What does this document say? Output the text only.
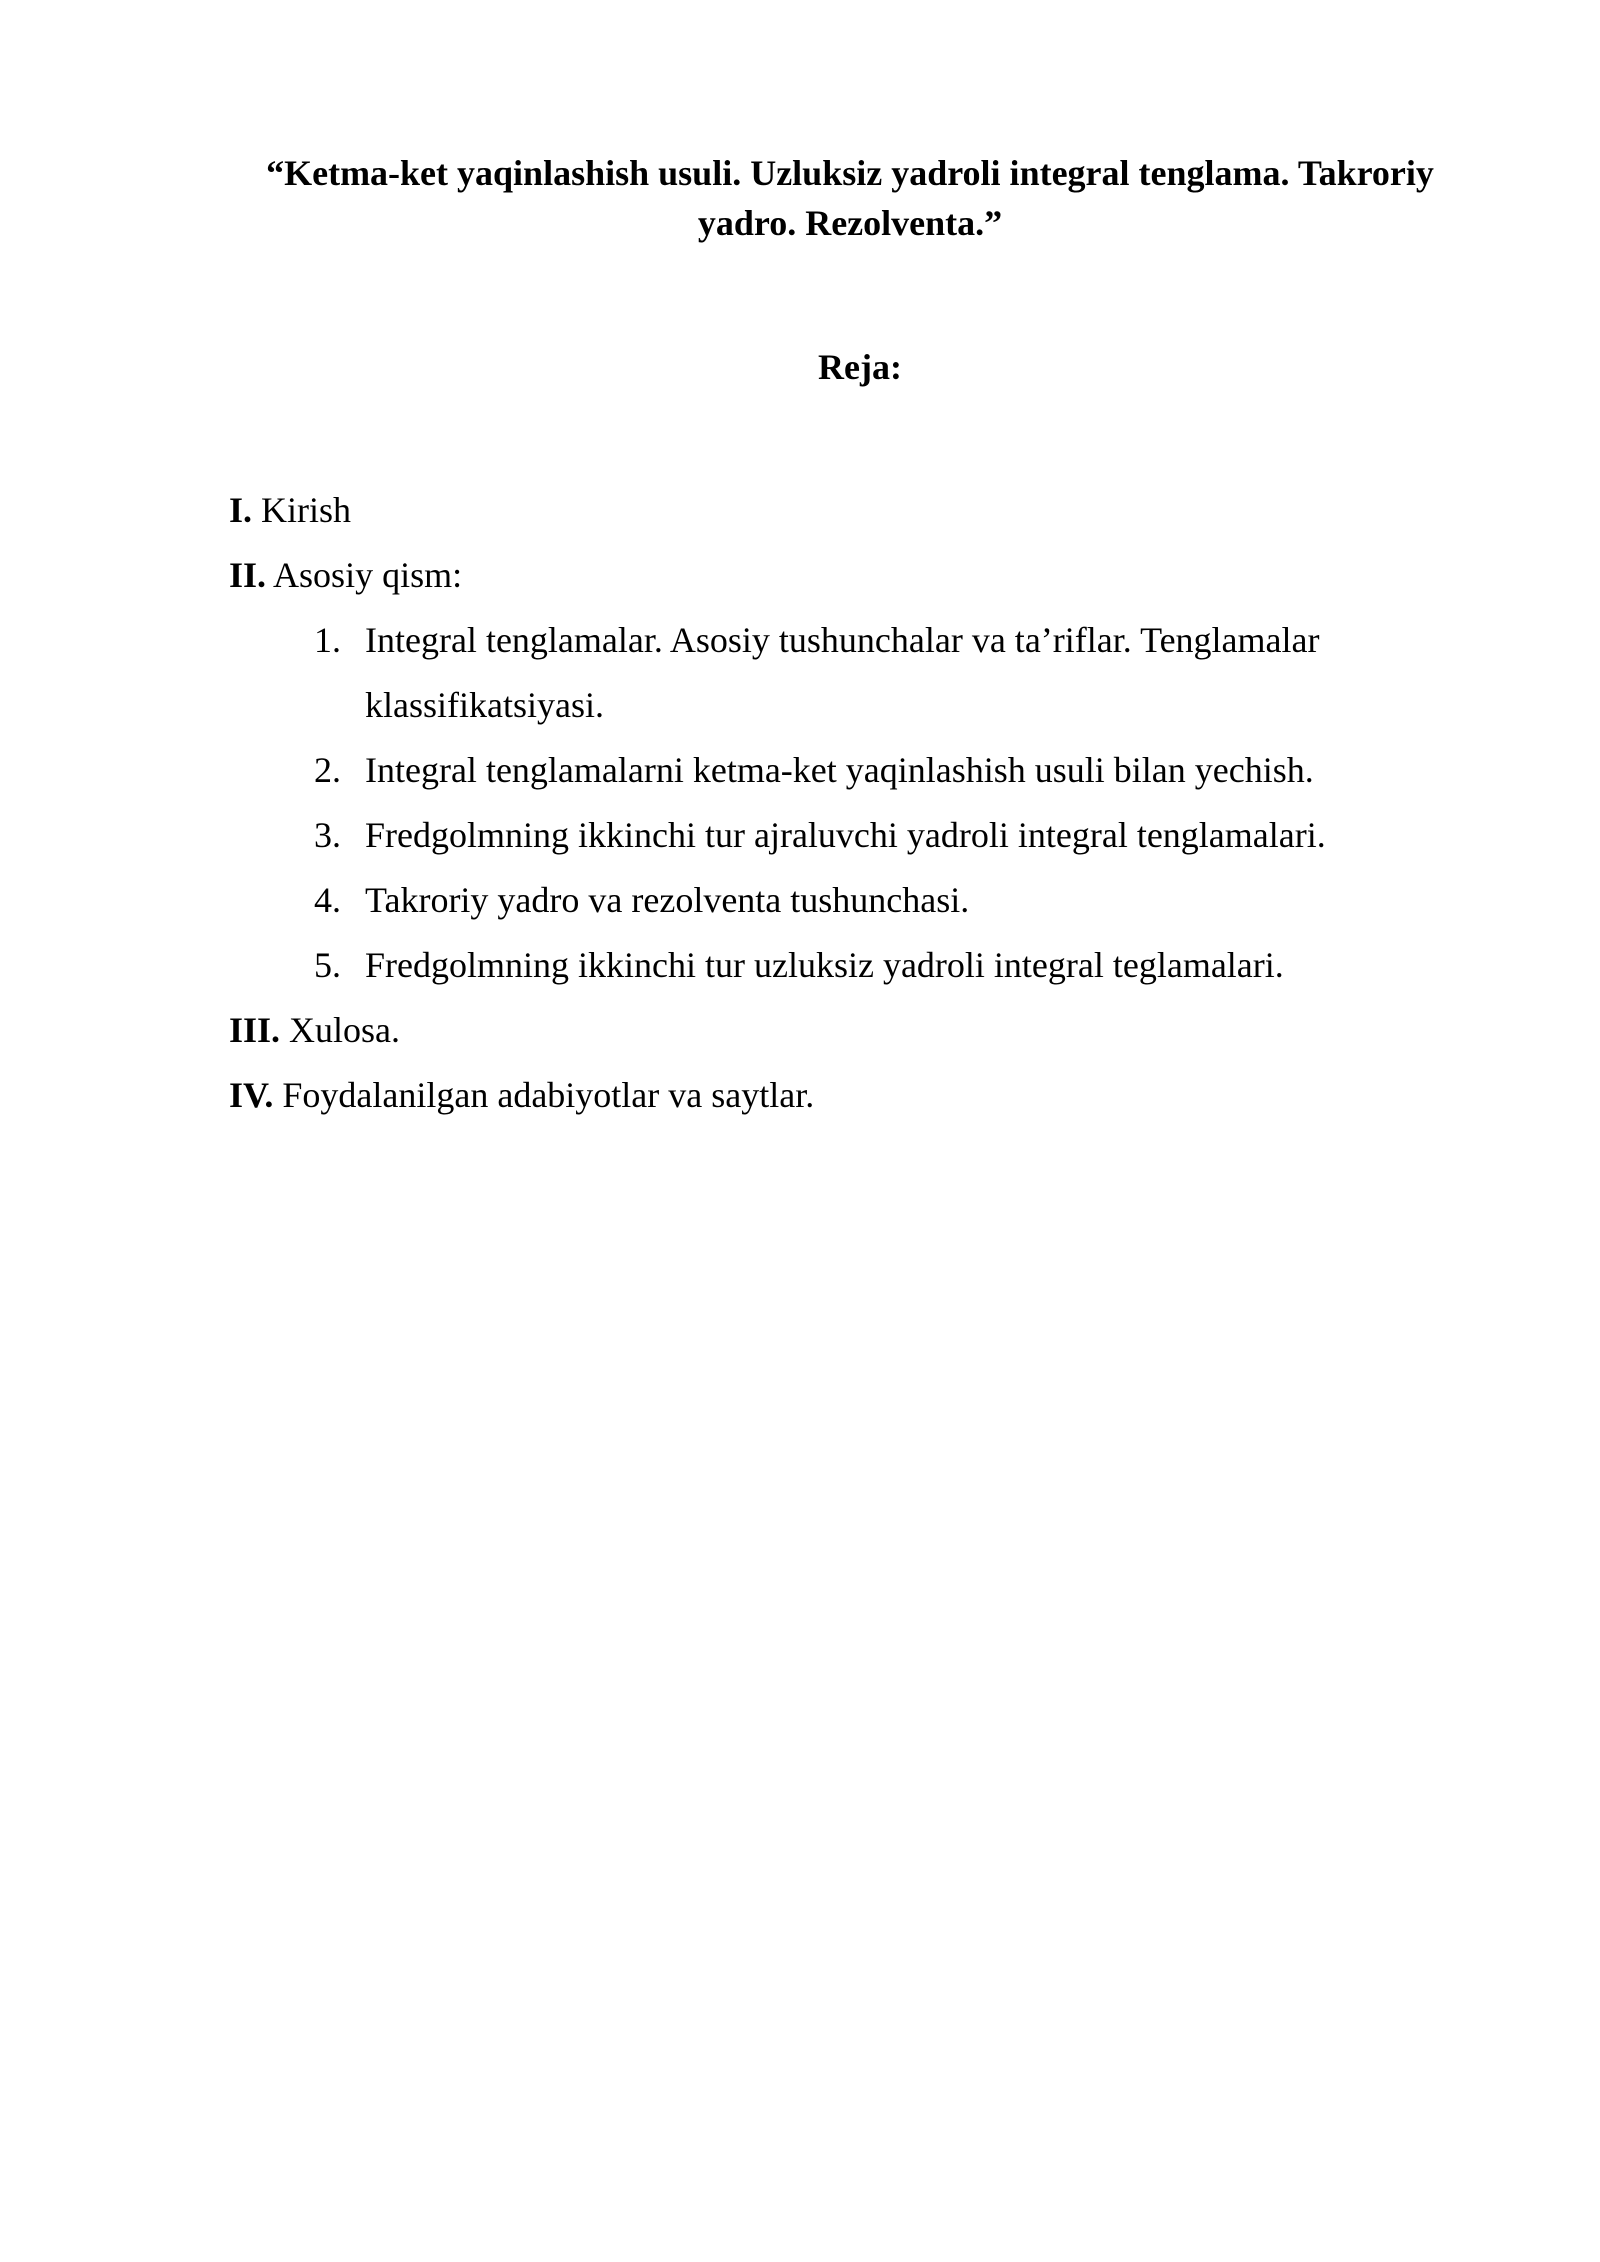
“Ketma-ket yaqinlashish usuli. Uzluksiz yadroli integral tenglama. Takroriy
yadro. Rezolventa.”
Reja:
I. Kirish
II. Asosiy qism:
1. Integral tenglamalar. Asosiy tushunchalar va ta’riflar. Tenglamalar
klassifikatsiyasi.
2. Integral tenglamalarni ketma-ket yaqinlashish usuli bilan yechish.
3. Fredgolmning ikkinchi tur ajraluvchi yadroli integral tenglamalari.
4. Takroriy yadro va rezolventa tushunchasi.
5. Fredgolmning ikkinchi tur uzluksiz yadroli integral teglamalari.
III. Xulosa.
IV. Foydalanilgan adabiyotlar va saytlar.
